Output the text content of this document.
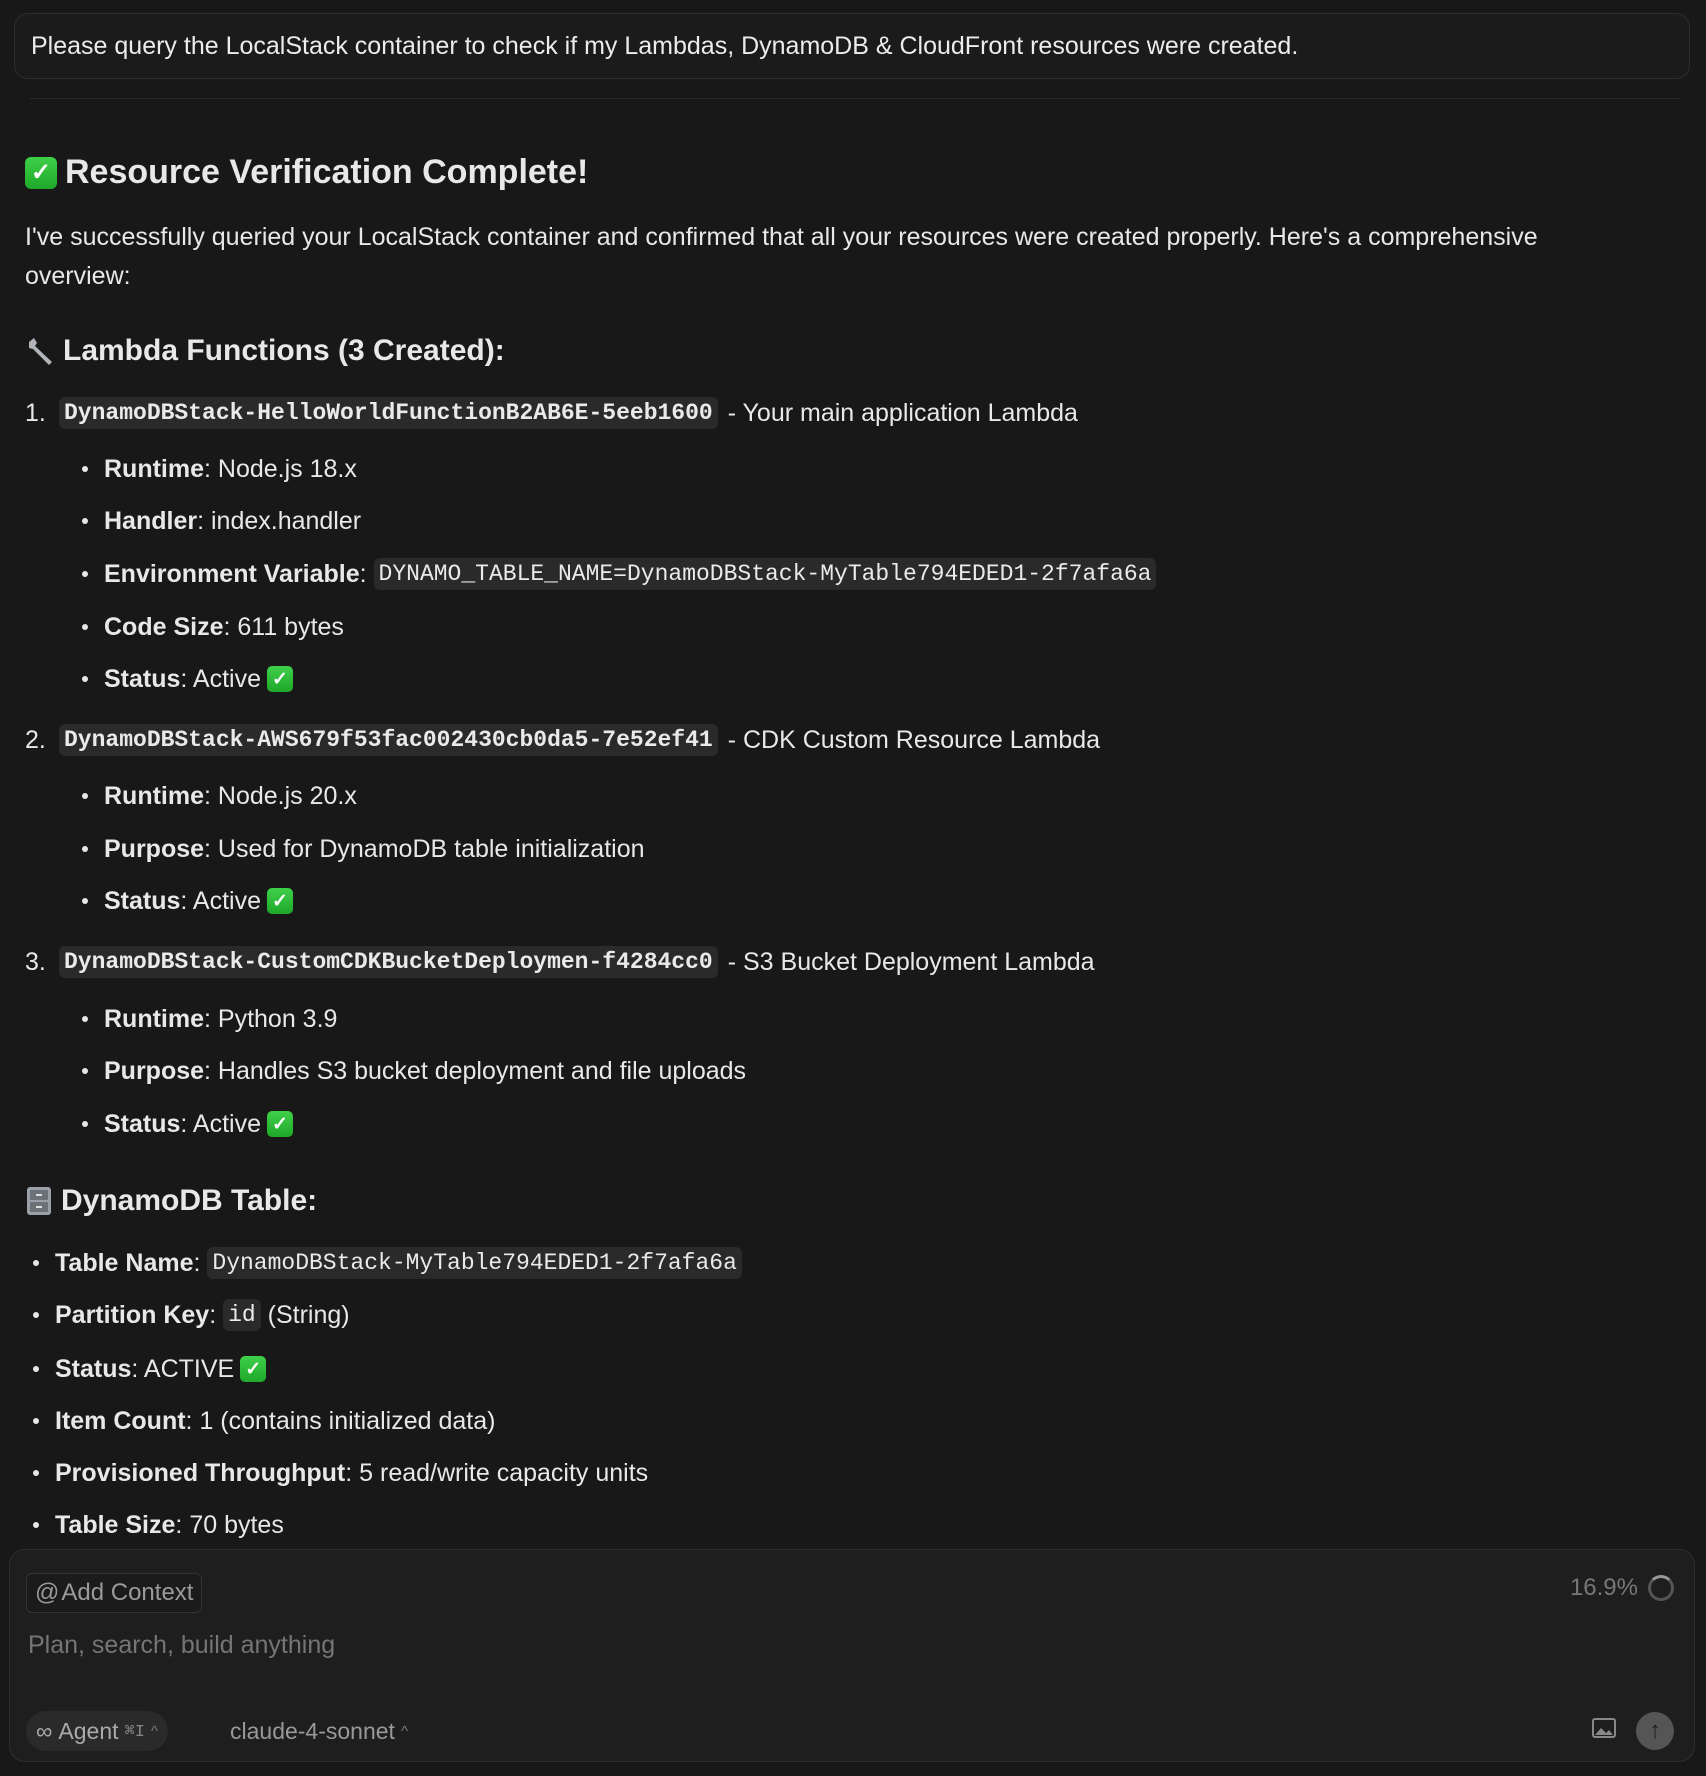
Please query the LocalStack container to check if my Lambdas, DynamoDB & CloudFront resources were created.
✓ Resource Verification Complete!

I've successfully queried your LocalStack container and confirmed that all your resources were created properly. Here's a comprehensive overview:

Lambda Functions (3 Created):
1. DynamoDBStack-HelloWorldFunctionB2AB6E-5eeb1600 - Your main application Lambda
Runtime : Node.js 18.x
Handler : index.handler
Environment Variable : DYNAMO_TABLE_NAME=DynamoDBStack-MyTable794EDED1-2f7afa6a
Code Size : 611 bytes
Status : Active ✓
2. DynamoDBStack-AWS679f53fac002430cb0da5-7e52ef41 - CDK Custom Resource Lambda
Runtime : Node.js 20.x
Purpose : Used for DynamoDB table initialization
Status : Active ✓
3. DynamoDBStack-CustomCDKBucketDeploymen-f4284cc0 - S3 Bucket Deployment Lambda
Runtime : Python 3.9
Purpose : Handles S3 bucket deployment and file uploads
Status : Active ✓
DynamoDB Table:
Table Name : DynamoDBStack-MyTable794EDED1-2f7afa6a
Partition Key : id (String)
Status : ACTIVE ✓
Item Count : 1 (contains initialized data)
Provisioned Throughput : 5 read/write capacity units
Table Size : 70 bytes
@ Add Context	16.9%
Plan, search, build anything
∞ Agent ⌘I ^	claude-4-sonnet ^	↑
